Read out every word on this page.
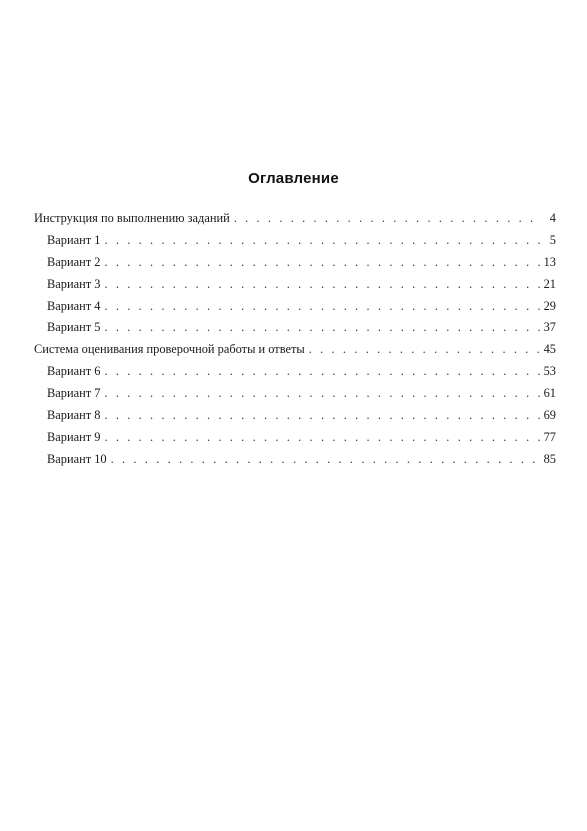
Оглавление
Инструкция по выполнению заданий . . .	4
Вариант 1 . . .	5
Вариант 2 . . .	13
Вариант 3 . . .	21
Вариант 4 . . .	29
Вариант 5 . . .	37
Система оценивания проверочной работы и ответы . . .	45
Вариант 6 . . .	53
Вариант 7 . . .	61
Вариант 8 . . .	69
Вариант 9 . . .	77
Вариант 10 . . .	85
